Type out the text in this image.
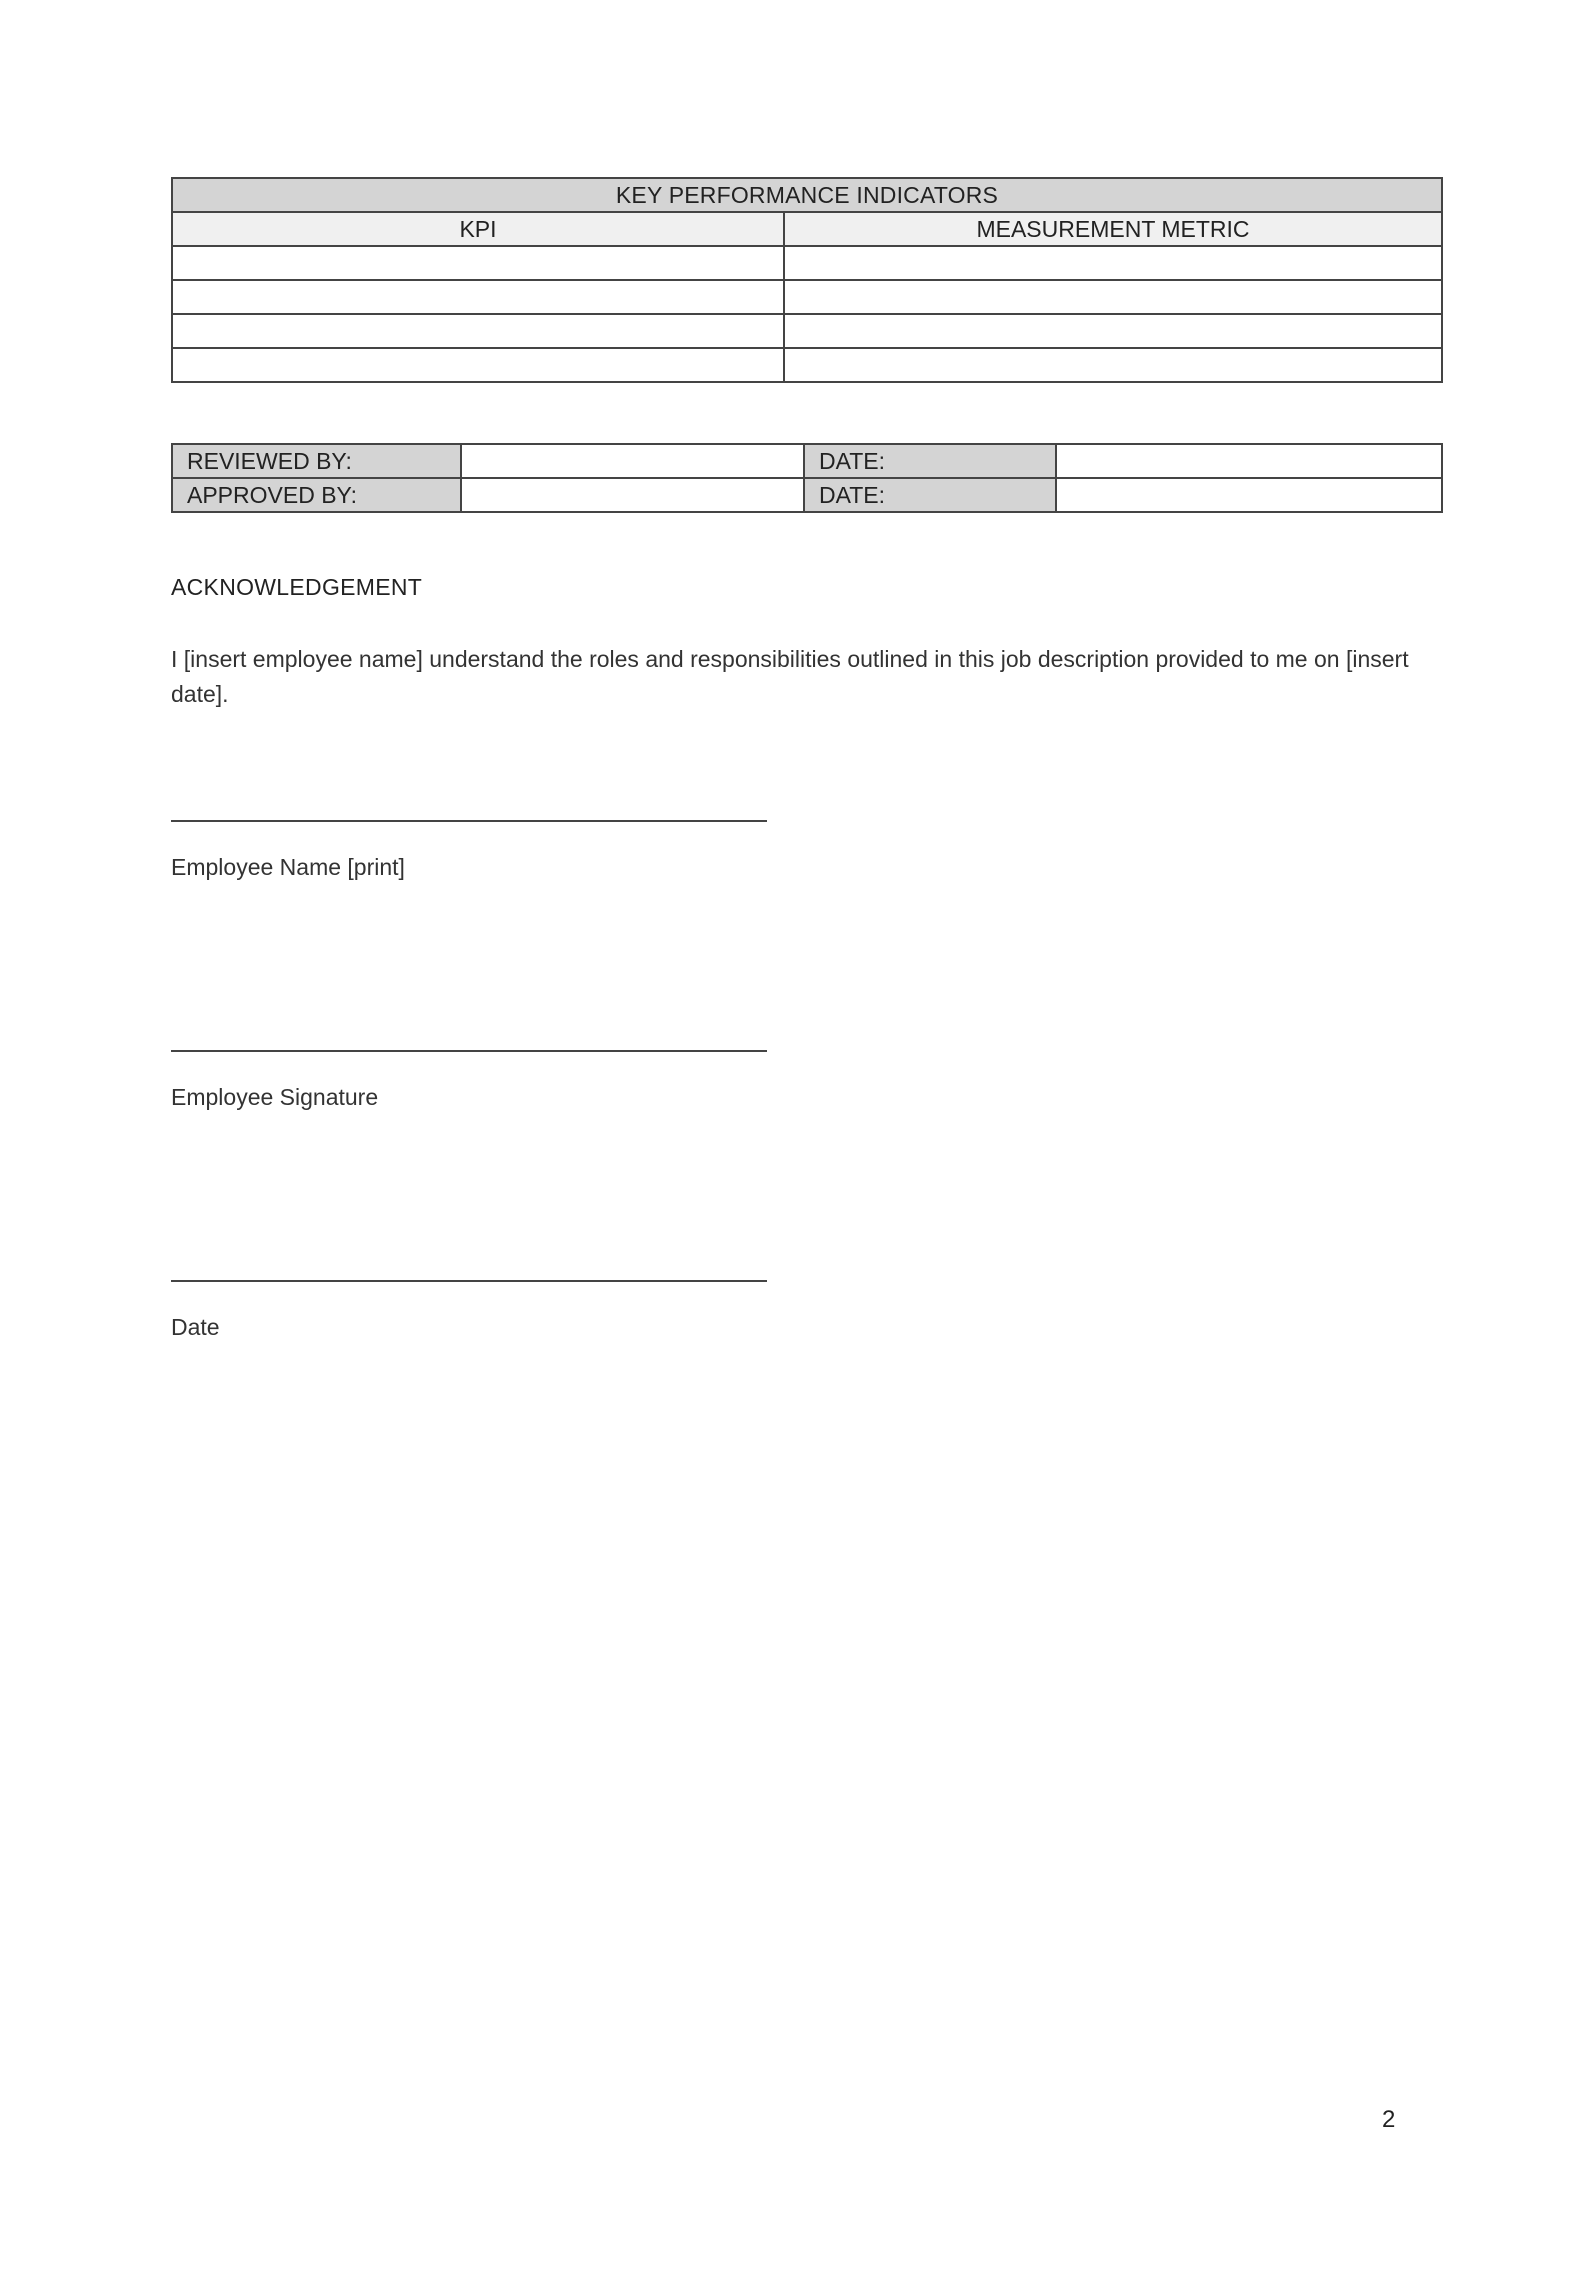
KEY PERFORMANCE INDICATORS	
KPI	MEASUREMENT METRIC

REVIEWED BY:		DATE:	
APPROVED BY:		DATE:	
ACKNOWLEDGEMENT

I [insert employee name] understand the roles and responsibilities outlined in this job description provided to me on [insert date].

Employee Name [print]

Employee Signature

Date

2
